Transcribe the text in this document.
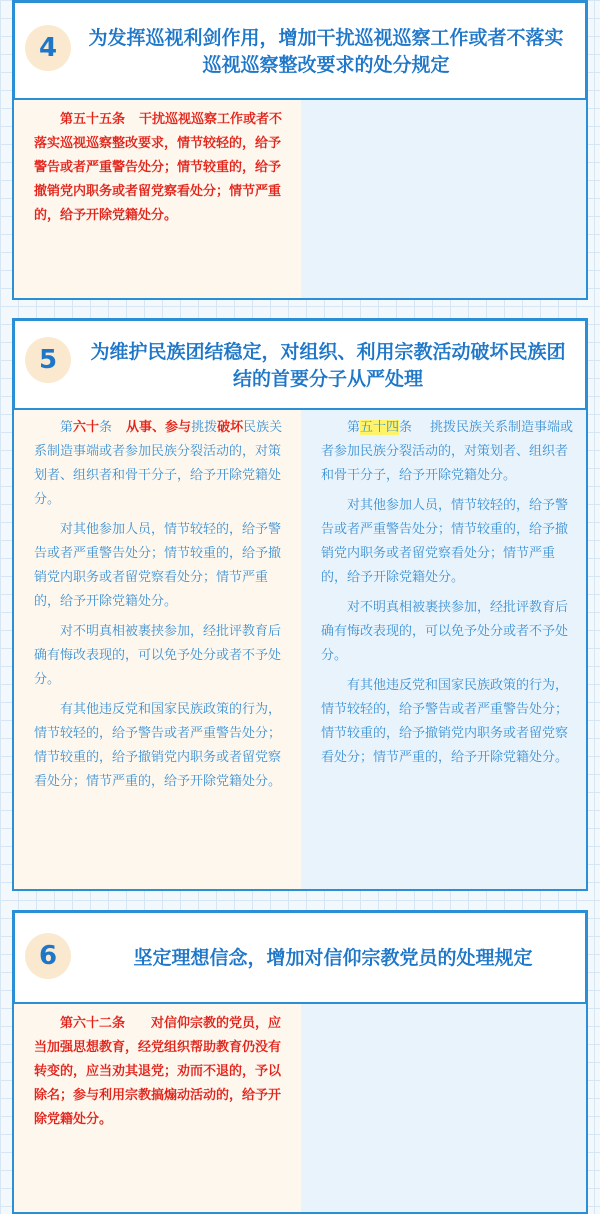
4	为发挥巡视利剑作用，增加干扰巡视巡察工作或者不落实巡视巡察整改要求的处分规定

第五十五条 干扰巡视巡察工作或者不落实巡视巡察整改要求，情节较轻的，给予警告或者严重警告处分；情节较重的，给予撤销党内职务或者留党察看处分；情节严重的，给予开除党籍处分。

5	为维护民族团结稳定，对组织、利用宗教活动破坏民族团结的首要分子从严处理

第六十条 从事、参与挑拨破坏民族关系制造事端或者参加民族分裂活动的，对策划者、组织者和骨干分子，给予开除党籍处分。

对其他参加人员，情节较轻的，给予警告或者严重警告处分；情节较重的，给予撤销党内职务或者留党察看处分；情节严重的，给予开除党籍处分。

对不明真相被裹挟参加，经批评教育后确有悔改表现的，可以免予处分或者不予处分。

有其他违反党和国家民族政策的行为，情节较轻的，给予警告或者严重警告处分；情节较重的，给予撤销党内职务或者留党察看处分；情节严重的，给予开除党籍处分。

第五十四条 挑拨民族关系制造事端或者参加民族分裂活动的，对策划者、组织者和骨干分子，给予开除党籍处分。

对其他参加人员，情节较轻的，给予警告或者严重警告处分；情节较重的，给予撤销党内职务或者留党察看处分；情节严重的，给予开除党籍处分。

对不明真相被裹挟参加，经批评教育后确有悔改表现的，可以免予处分或者不予处分。

有其他违反党和国家民族政策的行为，情节较轻的，给予警告或者严重警告处分；情节较重的，给予撤销党内职务或者留党察看处分；情节严重的，给予开除党籍处分。

6	坚定理想信念，增加对信仰宗教党员的处理规定

第六十二条 对信仰宗教的党员，应当加强思想教育，经党组织帮助教育仍没有转变的，应当劝其退党；劝而不退的，予以除名；参与利用宗教搞煽动活动的，给予开除党籍处分。
